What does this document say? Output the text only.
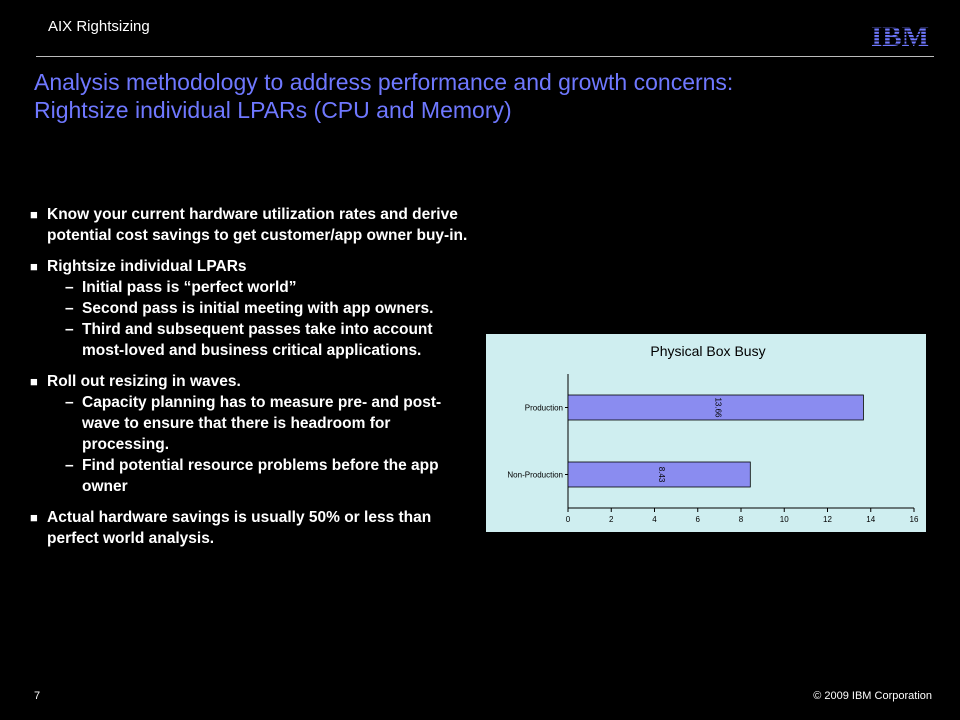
AIX Rightsizing	IBM
Analysis methodology to address performance and growth concerns:
Rightsize individual LPARs (CPU and Memory)
■ Know your current hardware utilization rates and derive potential cost savings to get customer/app owner buy-in.
■ Rightsize individual LPARs
– Initial pass is “perfect world”
– Second pass is initial meeting with app owners.
– Third and subsequent passes take into account most-loved and business critical applications.
■ Roll out resizing in waves.
– Capacity planning has to measure pre- and post-wave to ensure that there is headroom for processing.
– Find potential resource problems before the app owner
■ Actual hardware savings is usually 50% or less than perfect world analysis.
Physical Box Busy
0	2	4	6	8	10	12	14	16
Production	13.66
Non-Production	8.43
7	© 2009 IBM Corporation
